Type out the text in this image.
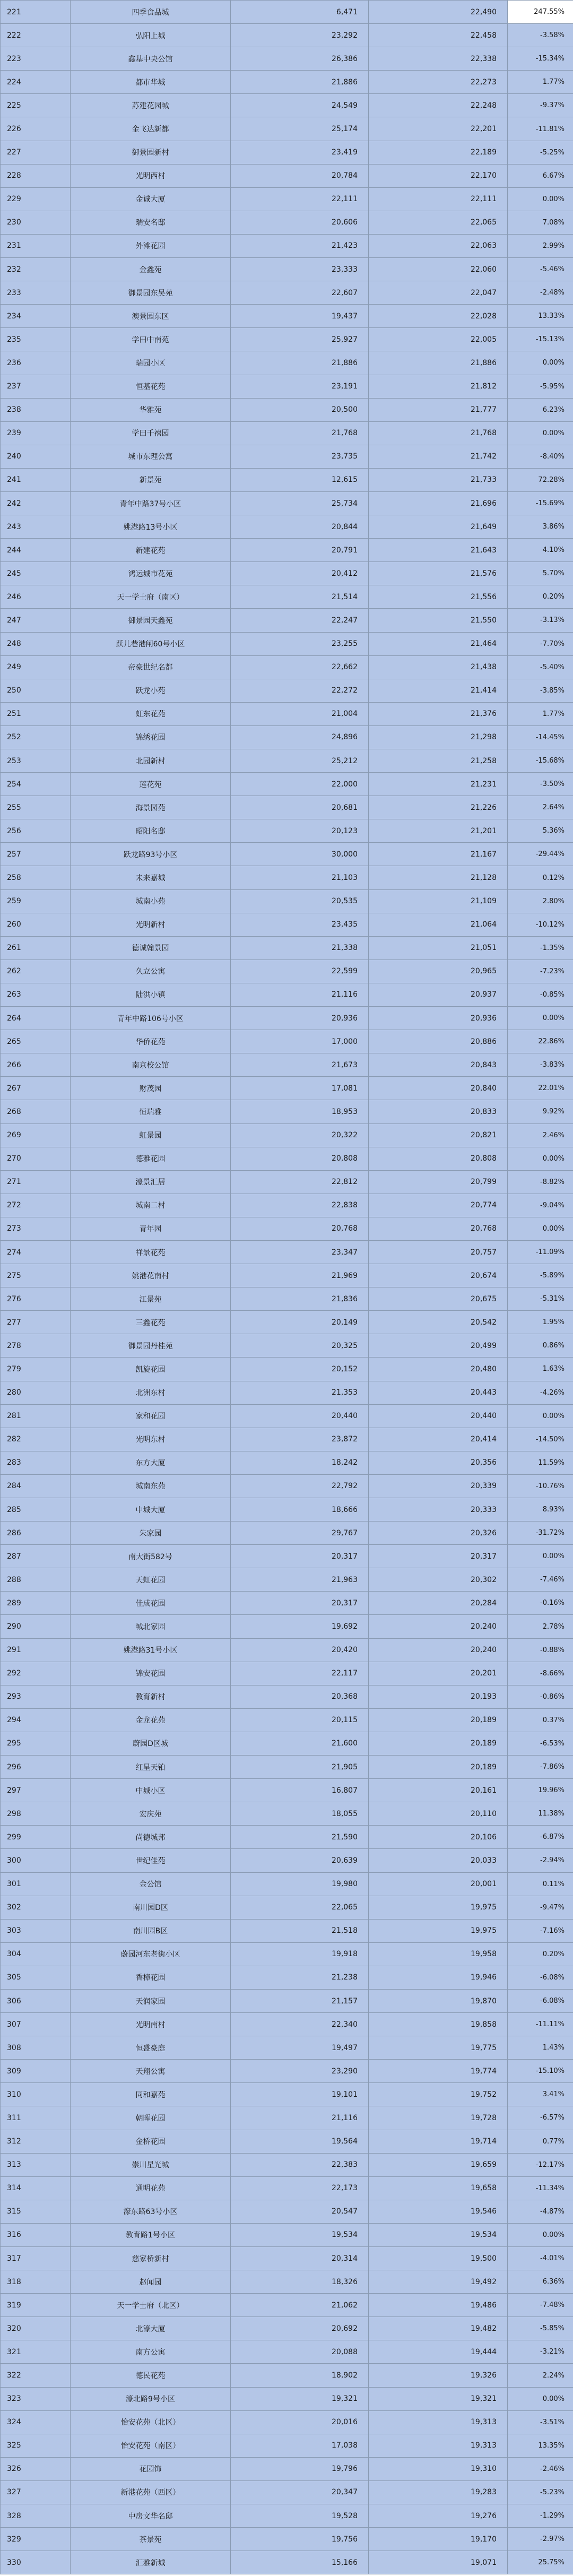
221	四季食品城	6,471	22,490	247.55%
222	弘阳上城	23,292	22,458	-3.58%
223	鑫基中央公馆	26,386	22,338	-15.34%
224	都市华城	21,886	22,273	1.77%
225	苏建花园城	24,549	22,248	-9.37%
226	金飞达新都	25,174	22,201	-11.81%
227	御景园新村	23,419	22,189	-5.25%
228	光明西村	20,784	22,170	6.67%
229	金诚大厦	22,111	22,111	0.00%
230	瑞安名邸	20,606	22,065	7.08%
231	外滩花园	21,423	22,063	2.99%
232	金鑫苑	23,333	22,060	-5.46%
233	御景园东吴苑	22,607	22,047	-2.48%
234	澳景园东区	19,437	22,028	13.33%
235	学田中南苑	25,927	22,005	-15.13%
236	瑞园小区	21,886	21,886	0.00%
237	恒基花苑	23,191	21,812	-5.95%
238	华雅苑	20,500	21,777	6.23%
239	学田千禧园	21,768	21,768	0.00%
240	城市东理公寓	23,735	21,742	-8.40%
241	新景苑	12,615	21,733	72.28%
242	青年中路37号小区	25,734	21,696	-15.69%
243	姚港路13号小区	20,844	21,649	3.86%
244	新建花苑	20,791	21,643	4.10%
245	鸿运城市花苑	20,412	21,576	5.70%
246	天一学士府（南区）	21,514	21,556	0.20%
247	御景园天鑫苑	22,247	21,550	-3.13%
248	跃儿巷港闸60号小区	23,255	21,464	-7.70%
249	帝豪世纪名都	22,662	21,438	-5.40%
250	跃龙小苑	22,272	21,414	-3.85%
251	虹东花苑	21,004	21,376	1.77%
252	锦绣花园	24,896	21,298	-14.45%
253	北园新村	25,212	21,258	-15.68%
254	莲花苑	22,000	21,231	-3.50%
255	海景园苑	20,681	21,226	2.64%
256	昭阳名邸	20,123	21,201	5.36%
257	跃龙路93号小区	30,000	21,167	-29.44%
258	未来嘉城	21,103	21,128	0.12%
259	城南小苑	20,535	21,109	2.80%
260	光明新村	23,435	21,064	-10.12%
261	德诚翰景园	21,338	21,051	-1.35%
262	久立公寓	22,599	20,965	-7.23%
263	陆洪小镇	21,116	20,937	-0.85%
264	青年中路106号小区	20,936	20,936	0.00%
265	华侨花苑	17,000	20,886	22.86%
266	南京校公馆	21,673	20,843	-3.83%
267	财茂园	17,081	20,840	22.01%
268	恒瑞雅	18,953	20,833	9.92%
269	虹景园	20,322	20,821	2.46%
270	德雅花园	20,808	20,808	0.00%
271	濠景汇居	22,812	20,799	-8.82%
272	城南二村	22,838	20,774	-9.04%
273	青年园	20,768	20,768	0.00%
274	祥景花苑	23,347	20,757	-11.09%
275	姚港花南村	21,969	20,674	-5.89%
276	江景苑	21,836	20,675	-5.31%
277	三鑫花苑	20,149	20,542	1.95%
278	御景园丹桂苑	20,325	20,499	0.86%
279	凯旋花园	20,152	20,480	1.63%
280	北洲东村	21,353	20,443	-4.26%
281	家和花园	20,440	20,440	0.00%
282	光明东村	23,872	20,414	-14.50%
283	东方大厦	18,242	20,356	11.59%
284	城南东苑	22,792	20,339	-10.76%
285	中城大厦	18,666	20,333	8.93%
286	朱家园	29,767	20,326	-31.72%
287	南大街582号	20,317	20,317	0.00%
288	天虹花园	21,963	20,302	-7.46%
289	佳成花园	20,317	20,284	-0.16%
290	城北家园	19,692	20,240	2.78%
291	姚港路31号小区	20,420	20,240	-0.88%
292	锦安花园	22,117	20,201	-8.66%
293	教育新村	20,368	20,193	-0.86%
294	金龙花苑	20,115	20,189	0.37%
295	蔚园D区城	21,600	20,189	-6.53%
296	红星天铂	21,905	20,189	-7.86%
297	中城小区	16,807	20,161	19.96%
298	宏庆苑	18,055	20,110	11.38%
299	尚德城邦	21,590	20,106	-6.87%
300	世纪佳苑	20,639	20,033	-2.94%
301	金公馆	19,980	20,001	0.11%
302	南川园D区	22,065	19,975	-9.47%
303	南川园B区	21,518	19,975	-7.16%
304	蔚园河东老街小区	19,918	19,958	0.20%
305	香樟花园	21,238	19,946	-6.08%
306	天润家园	21,157	19,870	-6.08%
307	光明南村	22,340	19,858	-11.11%
308	恒盛豪庭	19,497	19,775	1.43%
309	天翔公寓	23,290	19,774	-15.10%
310	同和嘉苑	19,101	19,752	3.41%
311	朝晖花园	21,116	19,728	-6.57%
312	金桥花园	19,564	19,714	0.77%
313	崇川星光城	22,383	19,659	-12.17%
314	通明花苑	22,173	19,658	-11.34%
315	濠东路63号小区	20,547	19,546	-4.87%
316	教育路1号小区	19,534	19,534	0.00%
317	慈家桥新村	20,314	19,500	-4.01%
318	赵闻园	18,326	19,492	6.36%
319	天一学士府（北区）	21,062	19,486	-7.48%
320	北濠大厦	20,692	19,482	-5.85%
321	南方公寓	20,088	19,444	-3.21%
322	德民花苑	18,902	19,326	2.24%
323	濠北路9号小区	19,321	19,321	0.00%
324	怡安花苑（北区）	20,016	19,313	-3.51%
325	怡安花苑（南区）	17,038	19,313	13.35%
326	花园饰	19,796	19,310	-2.46%
327	新港花苑（西区）	20,347	19,283	-5.23%
328	中房文华名邸	19,528	19,276	-1.29%
329	茶景苑	19,756	19,170	-2.97%
330	汇雅新城	15,166	19,071	25.75%
